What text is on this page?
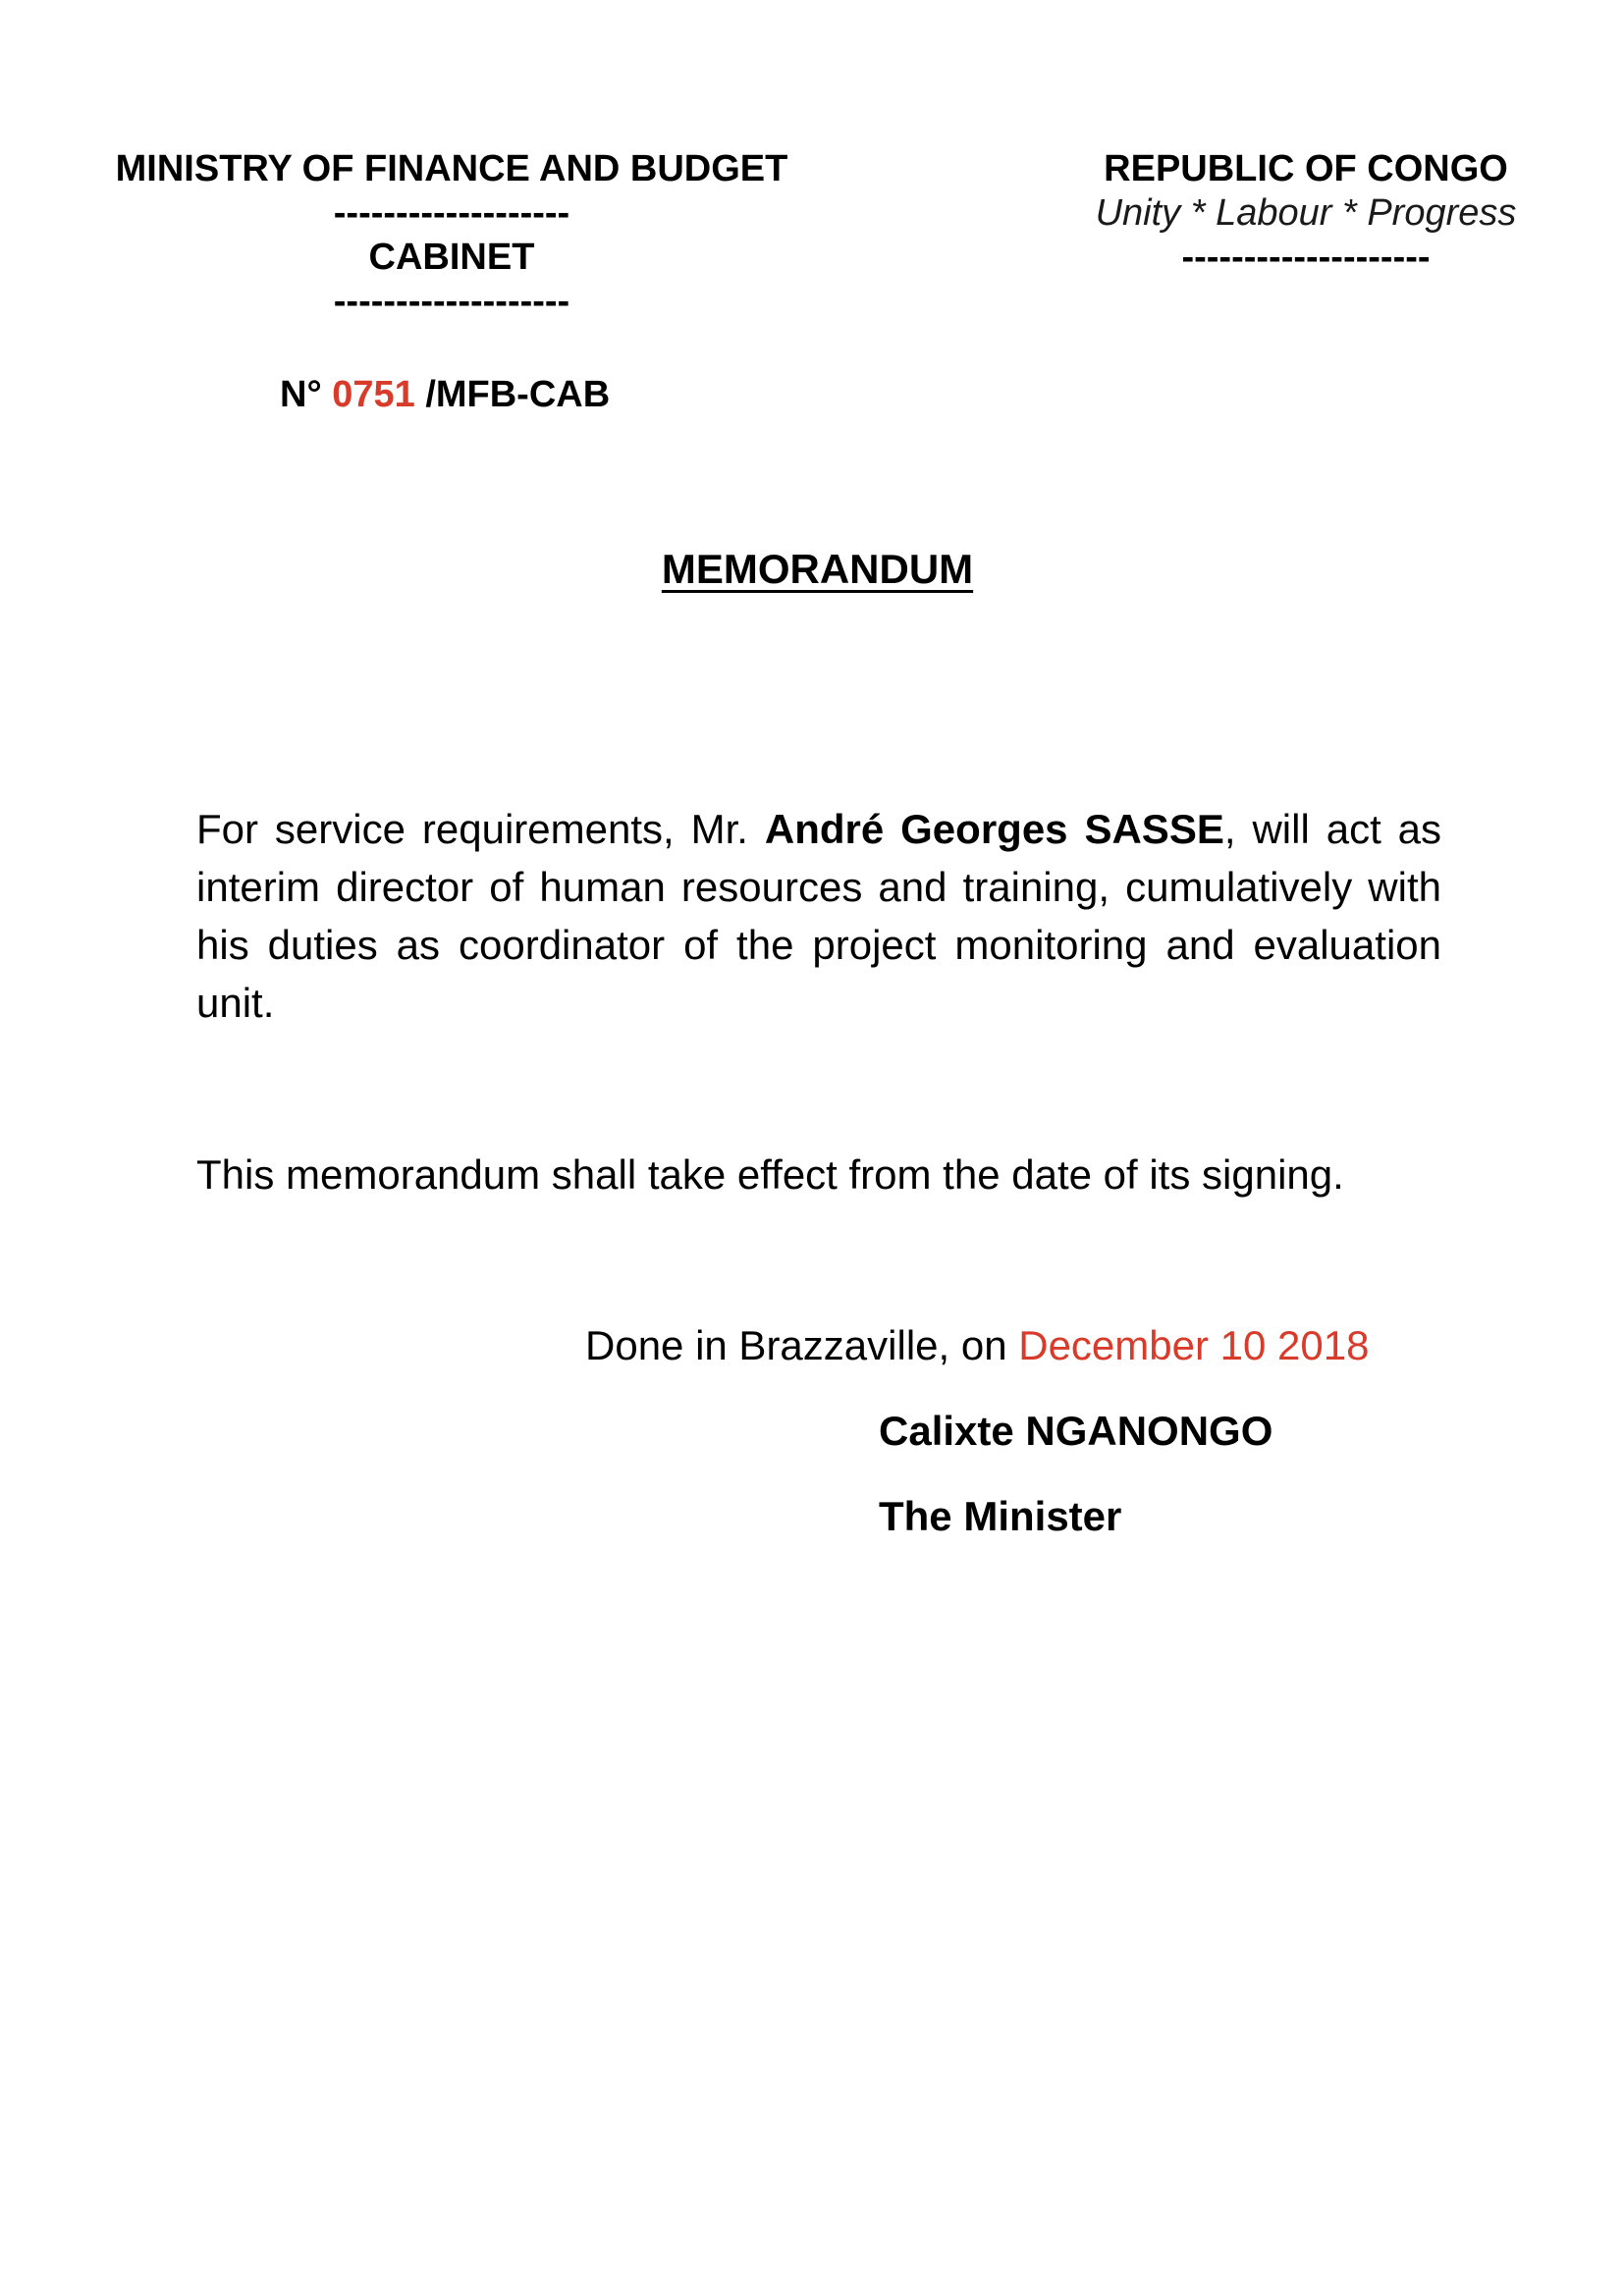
MINISTRY OF FINANCE AND BUDGET
-------------------
CABINET
-------------------
REPUBLIC OF CONGO
Unity * Labour * Progress
--------------------
N° 0751 /MFB-CAB
MEMORANDUM
For service requirements, Mr. André Georges SASSE, will act as interim director of human resources and training, cumulatively with his duties as coordinator of the project monitoring and evaluation unit.
This memorandum shall take effect from the date of its signing.
Done in Brazzaville, on December 10 2018
Calixte NGANONGO
The Minister
